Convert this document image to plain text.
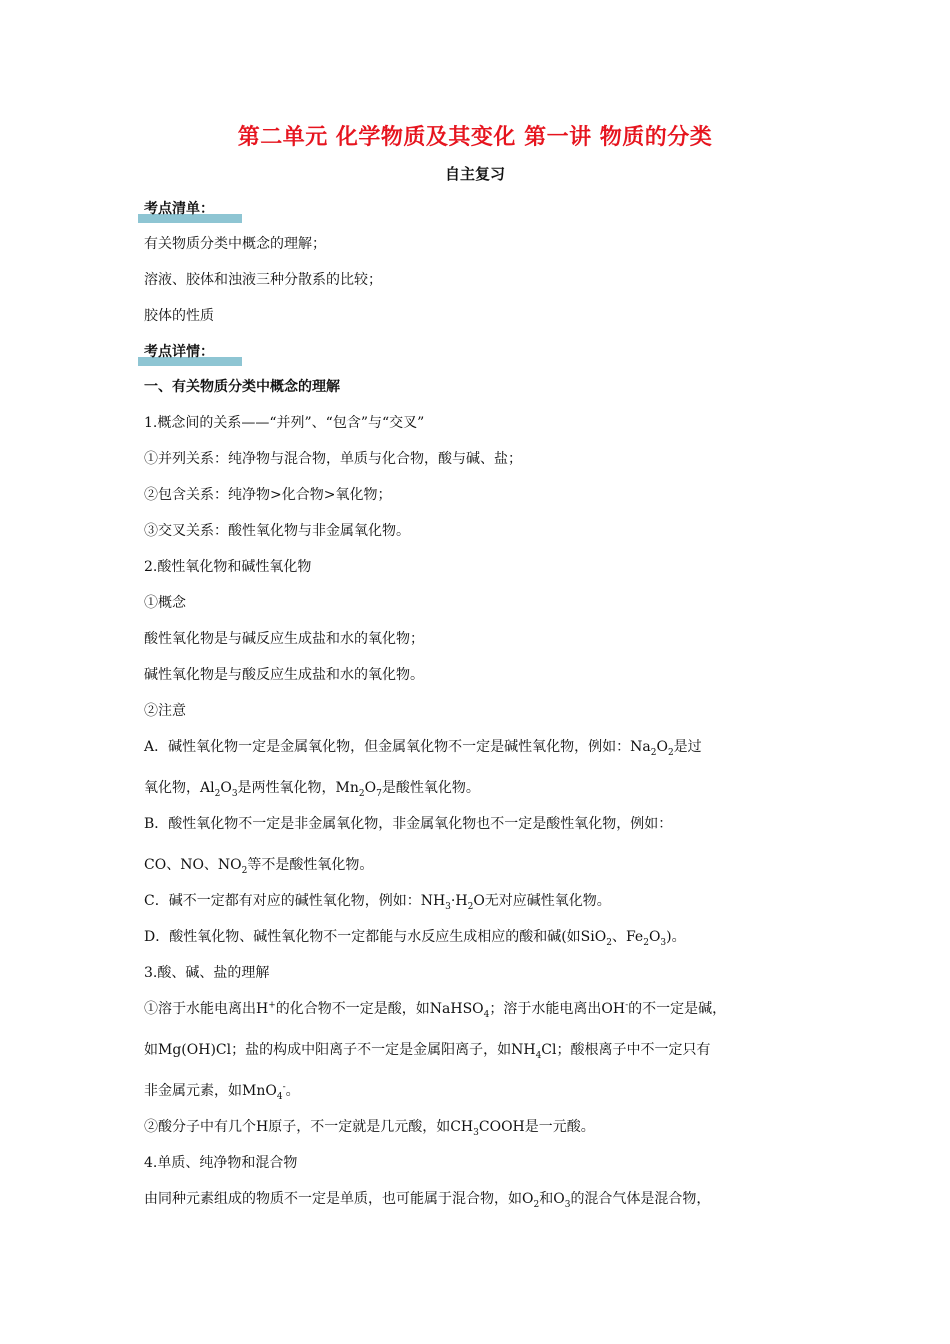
第二单元 化学物质及其变化 第一讲 物质的分类
自主复习
考点清单：
有关物质分类中概念的理解；
溶液、胶体和浊液三种分散系的比较；
胶体的性质
考点详情：
一、有关物质分类中概念的理解
1.概念间的关系——“并列”、“包含”与“交叉”
①并列关系：纯净物与混合物，单质与化合物，酸与碱、盐；
②包含关系：纯净物>化合物>氧化物；
③交叉关系：酸性氧化物与非金属氧化物。
2.酸性氧化物和碱性氧化物
①概念
酸性氧化物是与碱反应生成盐和水的氧化物；
碱性氧化物是与酸反应生成盐和水的氧化物。
②注意
A．碱性氧化物一定是金属氧化物，但金属氧化物不一定是碱性氧化物，例如：$Na_2O_2$是过
氧化物，$Al_2O_3$是两性氧化物，$Mn_2O_7$是酸性氧化物。
B．酸性氧化物不一定是非金属氧化物，非金属氧化物也不一定是酸性氧化物，例如：
CO、NO、$NO_2$等不是酸性氧化物。
C．碱不一定都有对应的碱性氧化物，例如：$NH_3\cdot H_2O$无对应碱性氧化物。
D．酸性氧化物、碱性氧化物不一定都能与水反应生成相应的酸和碱(如SiO$_2$、$Fe_2O_3$)。
3.酸、碱、盐的理解
①溶于水能电离出H+的化合物不一定是酸，如NaHSO$_4$；溶于水能电离出OH-的不一定是碱，
如Mg(OH)Cl；盐的构成中阳离子不一定是金属阳离子，如$NH_4Cl$；酸根离子中不一定只有
非金属元素，如MnO$_4$-。
②酸分子中有几个H原子，不一定就是几元酸，如$CH_3COOH$是一元酸。
4.单质、纯净物和混合物
由同种元素组成的物质不一定是单质，也可能属于混合物，如$O_2$和$O_3$的混合气体是混合物，
